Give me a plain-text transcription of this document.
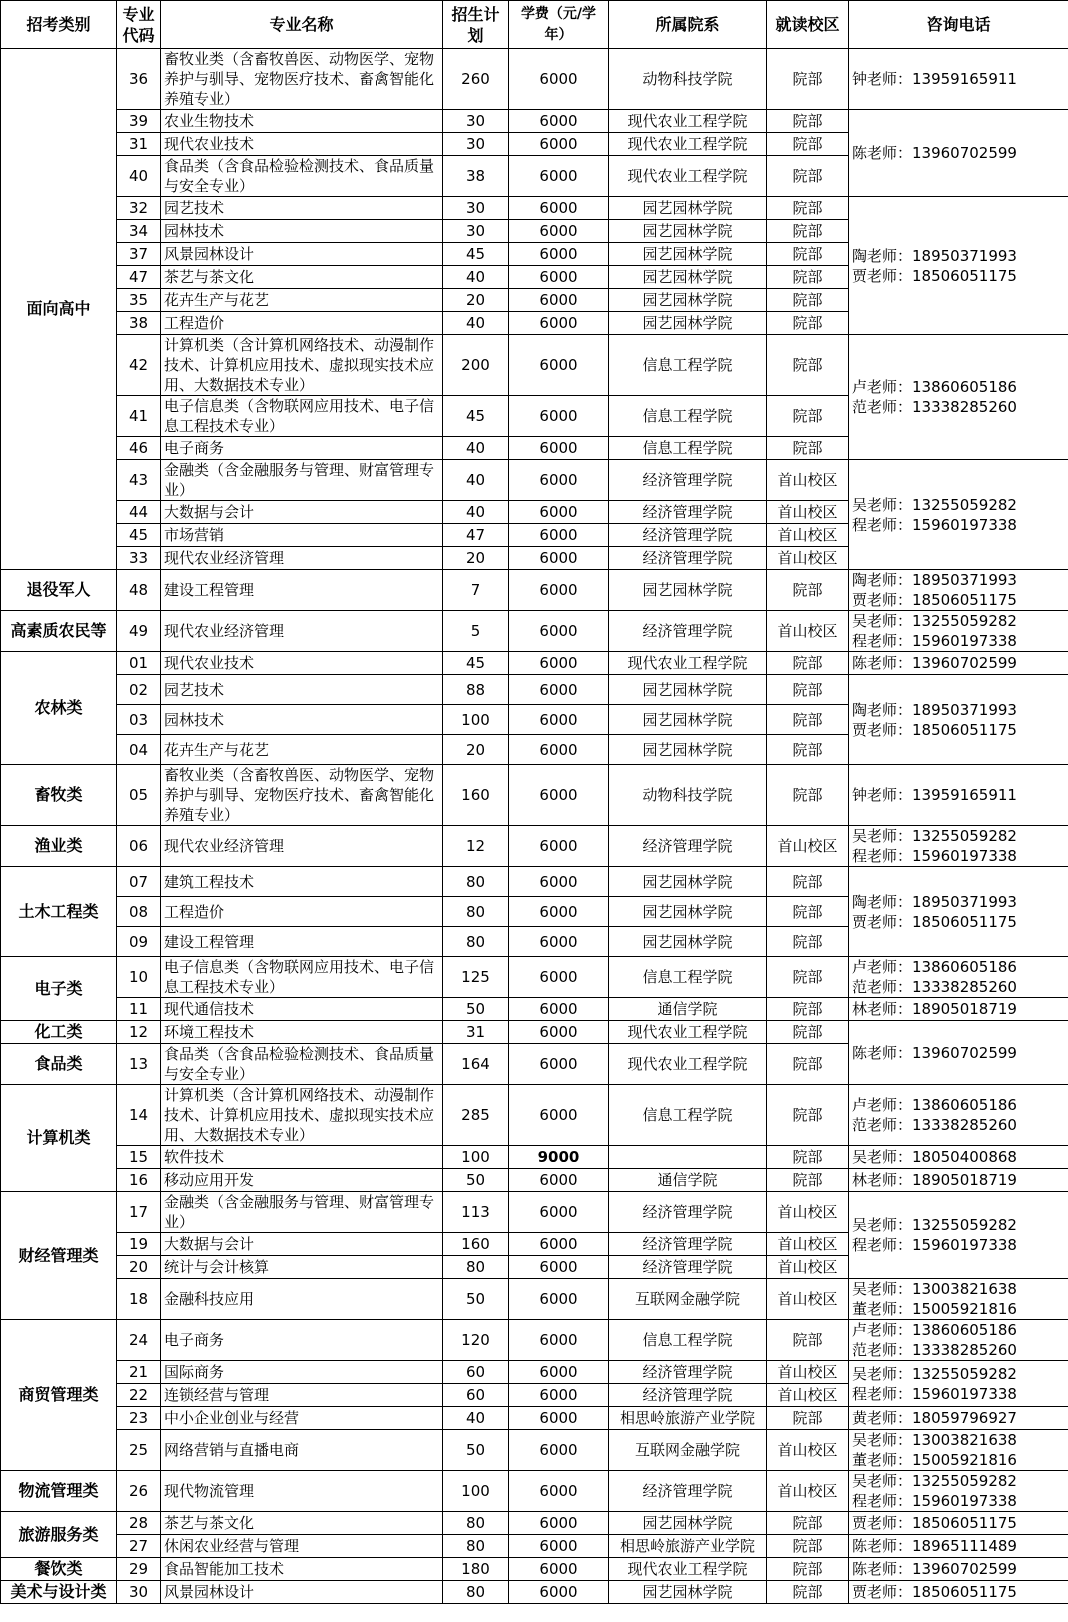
招考类别	专业代码	专业名称	招生计划	学费（元/学年）	所属院系	就读校区	咨询电话
面向高中	36	畜牧业类（含畜牧兽医、动物医学、宠物养护与驯导、宠物医疗技术、畜禽智能化养殖专业）	260	6000	动物科技学院	院部	钟老师：13959165911

	39	农业生物技术	30	6000	现代农业工程学院	院部	陈老师：13960702599

	31	现代农业技术	30	6000	现代农业工程学院	院部	
	40	食品类（含食品检验检测技术、食品质量与安全专业）	38	6000	现代农业工程学院	院部	
	32	园艺技术	30	6000	园艺园林学院	院部	陶老师：18950371993
贾老师：18506051175

	34	园林技术	30	6000	园艺园林学院	院部	
	37	风景园林设计	45	6000	园艺园林学院	院部	
	47	茶艺与茶文化	40	6000	园艺园林学院	院部	
	35	花卉生产与花艺	20	6000	园艺园林学院	院部	
	38	工程造价	40	6000	园艺园林学院	院部	
	42	计算机类（含计算机网络技术、动漫制作技术、计算机应用技术、虚拟现实技术应用、大数据技术专业）	200	6000	信息工程学院	院部	卢老师：13860605186
范老师：13338285260

	41	电子信息类（含物联网应用技术、电子信息工程技术专业）	45	6000	信息工程学院	院部	
	46	电子商务	40	6000	信息工程学院	院部	
	43	金融类（含金融服务与管理、财富管理专业）	40	6000	经济管理学院	首山校区	吴老师：13255059282
程老师：15960197338

	44	大数据与会计	40	6000	经济管理学院	首山校区	
	45	市场营销	47	6000	经济管理学院	首山校区	
	33	现代农业经济管理	20	6000	经济管理学院	首山校区	
退役军人	48	建设工程管理	7	6000	园艺园林学院	院部	陶老师：18950371993
贾老师：18506051175

高素质农民等	49	现代农业经济管理	5	6000	经济管理学院	首山校区	吴老师：13255059282
程老师：15960197338

农林类	01	现代农业技术	45	6000	现代农业工程学院	院部	陈老师：13960702599

	02	园艺技术	88	6000	园艺园林学院	院部	陶老师：18950371993
贾老师：18506051175

	03	园林技术	100	6000	园艺园林学院	院部	
	04	花卉生产与花艺	20	6000	园艺园林学院	院部	
畜牧类	05	畜牧业类（含畜牧兽医、动物医学、宠物养护与驯导、宠物医疗技术、畜禽智能化养殖专业）	160	6000	动物科技学院	院部	钟老师：13959165911

渔业类	06	现代农业经济管理	12	6000	经济管理学院	首山校区	吴老师：13255059282
程老师：15960197338

土木工程类	07	建筑工程技术	80	6000	园艺园林学院	院部	陶老师：18950371993
贾老师：18506051175

	08	工程造价	80	6000	园艺园林学院	院部	
	09	建设工程管理	80	6000	园艺园林学院	院部	
电子类	10	电子信息类（含物联网应用技术、电子信息工程技术专业）	125	6000	信息工程学院	院部	卢老师：13860605186
范老师：13338285260

	11	现代通信技术	50	6000	通信学院	院部	林老师：18905018719

化工类	12	环境工程技术	31	6000	现代农业工程学院	院部	陈老师：13960702599

食品类	13	食品类（含食品检验检测技术、食品质量与安全专业）	164	6000	现代农业工程学院	院部	
计算机类	14	计算机类（含计算机网络技术、动漫制作技术、计算机应用技术、虚拟现实技术应用、大数据技术专业）	285	6000	信息工程学院	院部	卢老师：13860605186
范老师：13338285260

	15	软件技术	100	9000		院部	吴老师：18050400868

	16	移动应用开发	50	6000	通信学院	院部	林老师：18905018719

财经管理类	17	金融类（含金融服务与管理、财富管理专业）	113	6000	经济管理学院	首山校区	吴老师：13255059282
程老师：15960197338

	19	大数据与会计	160	6000	经济管理学院	首山校区	
	20	统计与会计核算	80	6000	经济管理学院	首山校区	
	18	金融科技应用	50	6000	互联网金融学院	首山校区	吴老师：13003821638
董老师：15005921816

商贸管理类	24	电子商务	120	6000	信息工程学院	院部	卢老师：13860605186
范老师：13338285260

	21	国际商务	60	6000	经济管理学院	首山校区	吴老师：13255059282
程老师：15960197338

	22	连锁经营与管理	60	6000	经济管理学院	首山校区	
	23	中小企业创业与经营	40	6000	相思岭旅游产业学院	院部	黄老师：18059796927

	25	网络营销与直播电商	50	6000	互联网金融学院	首山校区	吴老师：13003821638
董老师：15005921816

物流管理类	26	现代物流管理	100	6000	经济管理学院	首山校区	吴老师：13255059282
程老师：15960197338

旅游服务类	28	茶艺与茶文化	80	6000	园艺园林学院	院部	贾老师：18506051175

	27	休闲农业经营与管理	80	6000	相思岭旅游产业学院	院部	陈老师：18965111489

餐饮类	29	食品智能加工技术	180	6000	现代农业工程学院	院部	陈老师：13960702599

美术与设计类	30	风景园林设计	80	6000	园艺园林学院	院部	贾老师：18506051175
